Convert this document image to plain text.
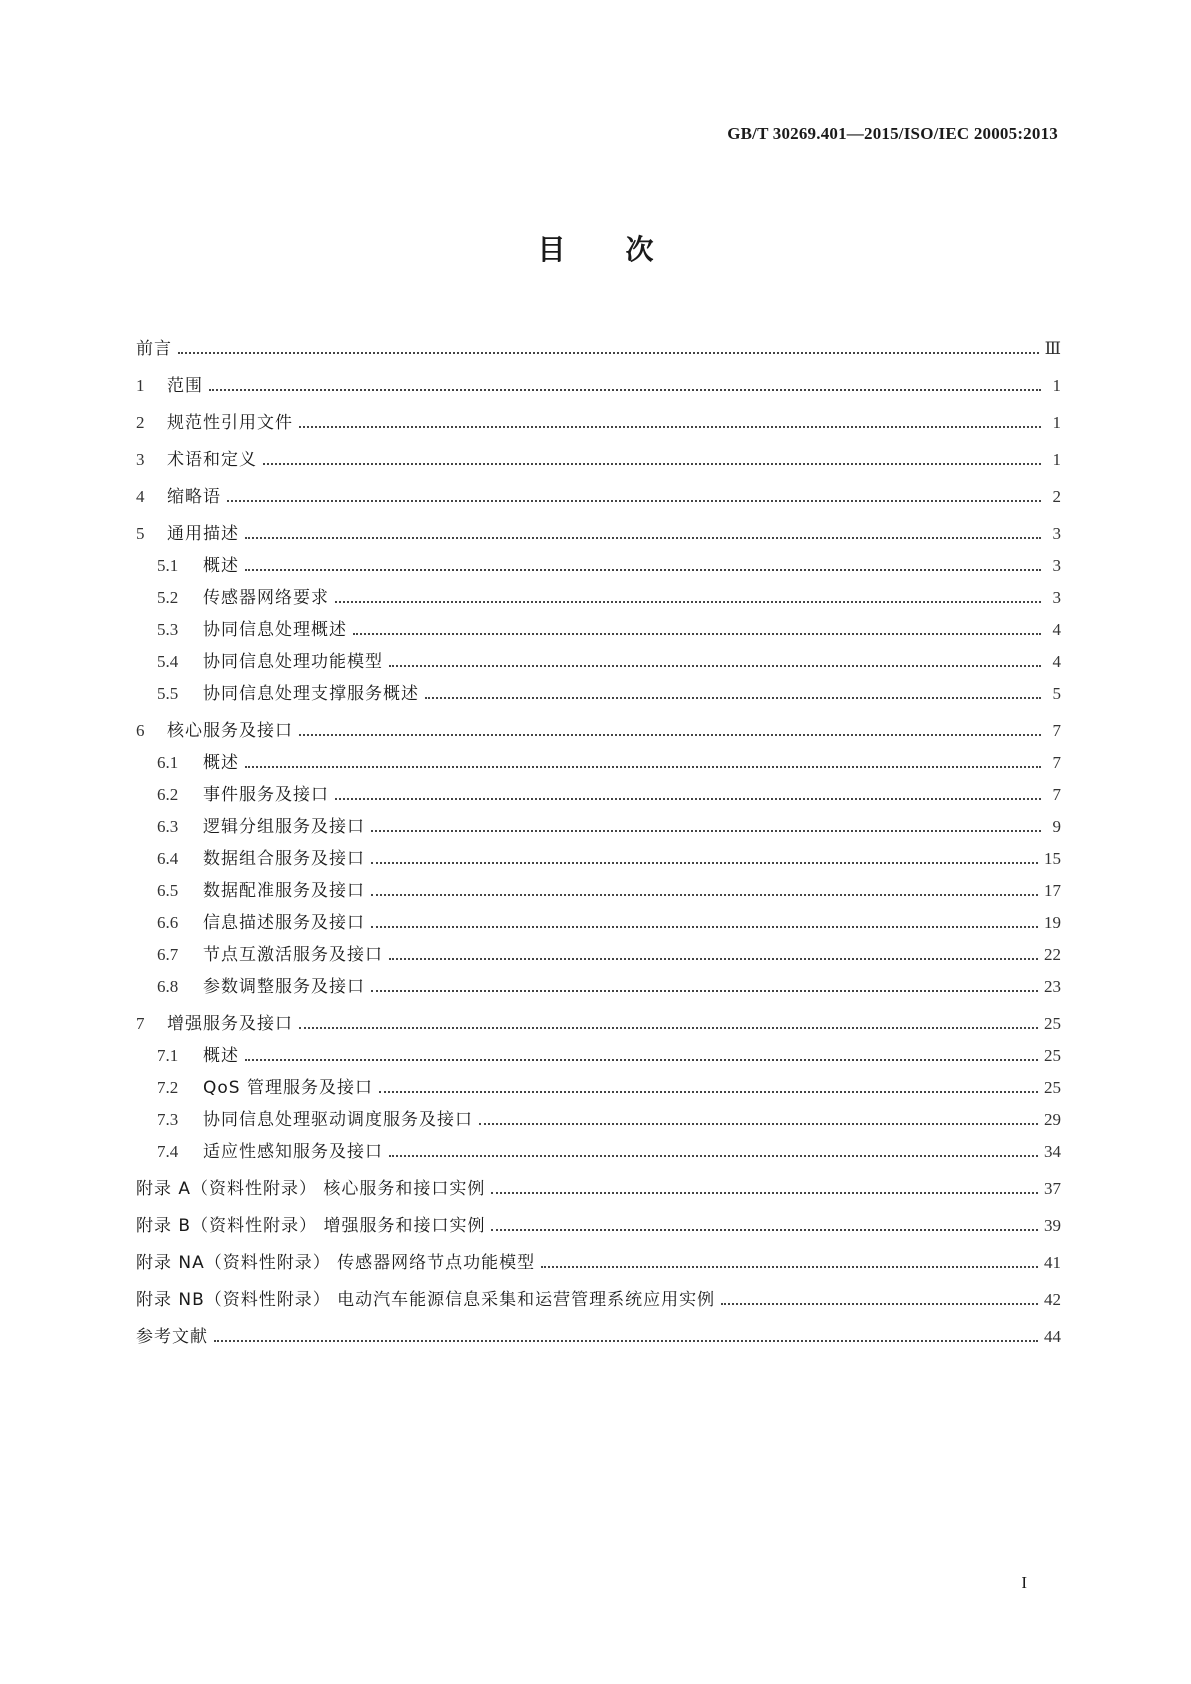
GB/T 30269.401—2015/ISO/IEC 20005:2013
目次
前言	Ⅲ
1	范围	1
2	规范性引用文件	1
3	术语和定义	1
4	缩略语	2
5	通用描述	3
5.1	概述	3
5.2	传感器网络要求	3
5.3	协同信息处理概述	4
5.4	协同信息处理功能模型	4
5.5	协同信息处理支撑服务概述	5
6	核心服务及接口	7
6.1	概述	7
6.2	事件服务及接口	7
6.3	逻辑分组服务及接口	9
6.4	数据组合服务及接口	15
6.5	数据配准服务及接口	17
6.6	信息描述服务及接口	19
6.7	节点互激活服务及接口	22
6.8	参数调整服务及接口	23
7	增强服务及接口	25
7.1	概述	25
7.2	QoS 管理服务及接口	25
7.3	协同信息处理驱动调度服务及接口	29
7.4	适应性感知服务及接口	34
附录 A（资料性附录） 核心服务和接口实例	37
附录 B（资料性附录） 增强服务和接口实例	39
附录 NA（资料性附录） 传感器网络节点功能模型	41
附录 NB（资料性附录） 电动汽车能源信息采集和运营管理系统应用实例	42
参考文献	44
I
